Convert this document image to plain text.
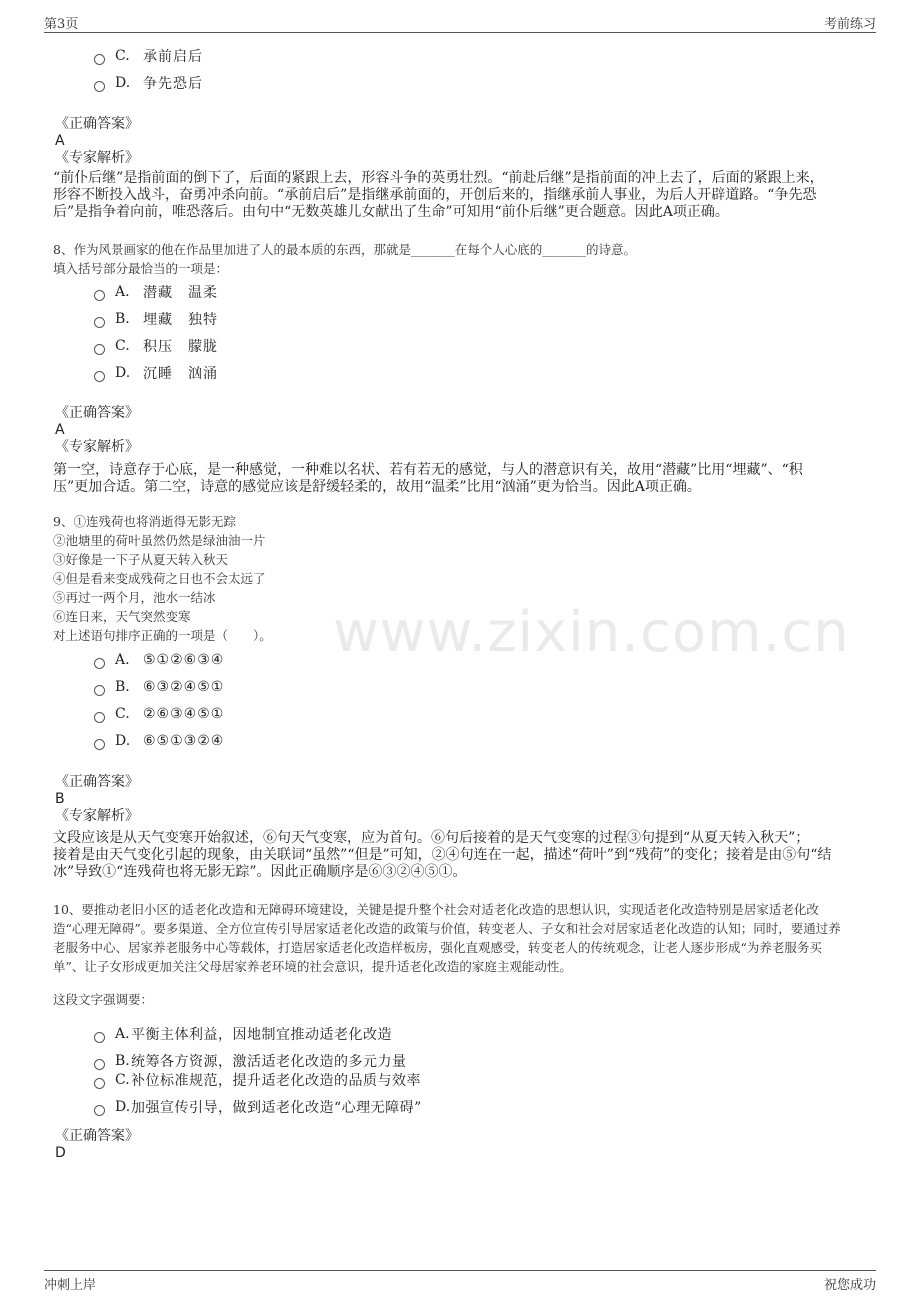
第3页	考前练习
www.zixin.com.cn
C. 承前启后
D. 争先恐后
《正确答案》
A
《专家解析》
“前仆后继”是指前面的倒下了，后面的紧跟上去，形容斗争的英勇壮烈。“前赴后继”是指前面的冲上去了，后面的紧跟上来，
形容不断投入战斗，奋勇冲杀向前。“承前启后”是指继承前面的，开创后来的，指继承前人事业，为后人开辟道路。“争先恐
后”是指争着向前，唯恐落后。由句中“无数英雄儿女献出了生命”可知用“前仆后继”更合题意。因此A项正确。
8、作为风景画家的他在作品里加进了人的最本质的东西，那就是_______在每个人心底的_______的诗意。
填入括号部分最恰当的一项是：
A. 潜藏　温柔
B. 埋藏　独特
C. 积压　朦胧
D. 沉睡　汹涌
《正确答案》
A
《专家解析》
第一空，诗意存于心底，是一种感觉，一种难以名状、若有若无的感觉，与人的潜意识有关，故用“潜藏”比用“埋藏”、“积
压”更加合适。第二空，诗意的感觉应该是舒缓轻柔的，故用“温柔”比用“汹涌”更为恰当。因此A项正确。
9、①连残荷也将消逝得无影无踪
②池塘里的荷叶虽然仍然是绿油油一片
③好像是一下子从夏天转入秋天
④但是看来变成残荷之日也不会太远了
⑤再过一两个月，池水一结冰
⑥连日来，天气突然变寒
对上述语句排序正确的一项是（　　）。
A. ⑤①②⑥③④
B. ⑥③②④⑤①
C. ②⑥③④⑤①
D. ⑥⑤①③②④
《正确答案》
B
《专家解析》
文段应该是从天气变寒开始叙述，⑥句天气变寒，应为首句。⑥句后接着的是天气变寒的过程③句提到“从夏天转入秋天”；
接着是由天气变化引起的现象，由关联词“虽然”“但是”可知，②④句连在一起，描述“荷叶”到“残荷”的变化；接着是由⑤句“结
冰”导致①“连残荷也将无影无踪”。因此正确顺序是⑥③②④⑤①。
10、要推动老旧小区的适老化改造和无障碍环境建设，关键是提升整个社会对适老化改造的思想认识，实现适老化改造特别是居家适老化改
造“心理无障碍”。要多渠道、全方位宣传引导居家适老化改造的政策与价值，转变老人、子女和社会对居家适老化改造的认知；同时，要通过养
老服务中心、居家养老服务中心等载体，打造居家适老化改造样板房，强化直观感受，转变老人的传统观念，让老人逐步形成“为养老服务买
单”、让子女形成更加关注父母居家养老环境的社会意识，提升适老化改造的家庭主观能动性。
这段文字强调要：
A. 平衡主体利益，因地制宜推动适老化改造
B. 统筹各方资源，激活适老化改造的多元力量
C. 补位标准规范，提升适老化改造的品质与效率
D. 加强宣传引导，做到适老化改造“心理无障碍”
《正确答案》
D
冲刺上岸	祝您成功
